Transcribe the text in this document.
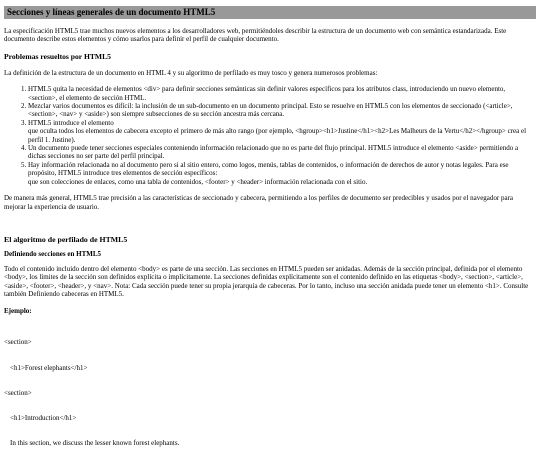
Secciones y líneas generales de un documento HTML5

La especificación HTML5 trae muchos nuevos elementos a los desarrolladores web, permitiéndoles describir la estructura de un documento web con semántica estandarizada. Este documento describe estos elementos y cómo usarlos para definir el perfil de cualquier documento.

Problemas resueltos por HTML5

La definición de la estructura de un documento en HTML 4 y su algoritmo de perfilado es muy tosco y genera numerosos problemas:

1. HTML5 quita la necesidad de elementos <div> para definir secciones semánticas sin definir valores específicos para los atributos class, introduciendo un nuevo elemento, <section>, el elemento de sección HTML.
2. Mezclar varios documentos es difícil: la inclusión de un sub-documento en un documento principal. Esto se resuelve en HTML5 con los elementos de seccionado (<article>, <section>, <nav> y <aside>) son siempre subsecciones de su sección ancestra más cercana.
3. HTML5 introduce el elemento
que oculta todos los elementos de cabecera excepto el primero de más alto rango (por ejemplo, <hgroup><h1>Justine</h1><h2>Les Malheurs de la Vertu</h2></hgroup> crea el perfil 1. Justine).
4. Un documento puede tener secciones especiales conteniendo información relacionado que no es parte del flujo principal. HTML5 introduce el elemento <aside> permitiendo a dichas secciones no ser parte del perfil principal.
5. Hay información relacionada no al documento pero si al sitio entero, como logos, menús, tablas de contenidos, o información de derechos de autor y notas legales. Para ese propósito, HTML5 introduce tres elementos de sección específicos:
que son colecciones de enlaces, como una tabla de contenidos, <footer> y <header> información relacionada con el sitio.

De manera más general, HTML5 trae precisión a las características de seccionado y cabecera, permitiendo a los perfiles de documento ser predecibles y usados por el navegador para mejorar la experiencia de usuario.

El algoritmo de perfilado de HTML5
Definiendo secciones en HTML5

Todo el contenido incluido dentro del elemento <body> es parte de una sección. Las secciones en HTML5 pueden ser anidadas. Además de la sección principal, definida por el elemento <body>, los límites de la sección son definidos explícita o implícitamente. La secciones definidas explícitamente son el contenido definido en las etiquetas <body>, <section>, <article>, <aside>, <footer>, <header>, y <nav>. Nota: Cada sección puede tener su propia jerarquía de cabeceras. Por lo tanto, incluso una sección anidada puede tener un elemento <h1>. Consulte también Definiendo cabeceras en HTML5.

Ejemplo:

<section>

<h1>Forest elephants</h1>

<section>

<h1>Introduction</h1>

In this section, we discuss the lesser known forest elephants.
